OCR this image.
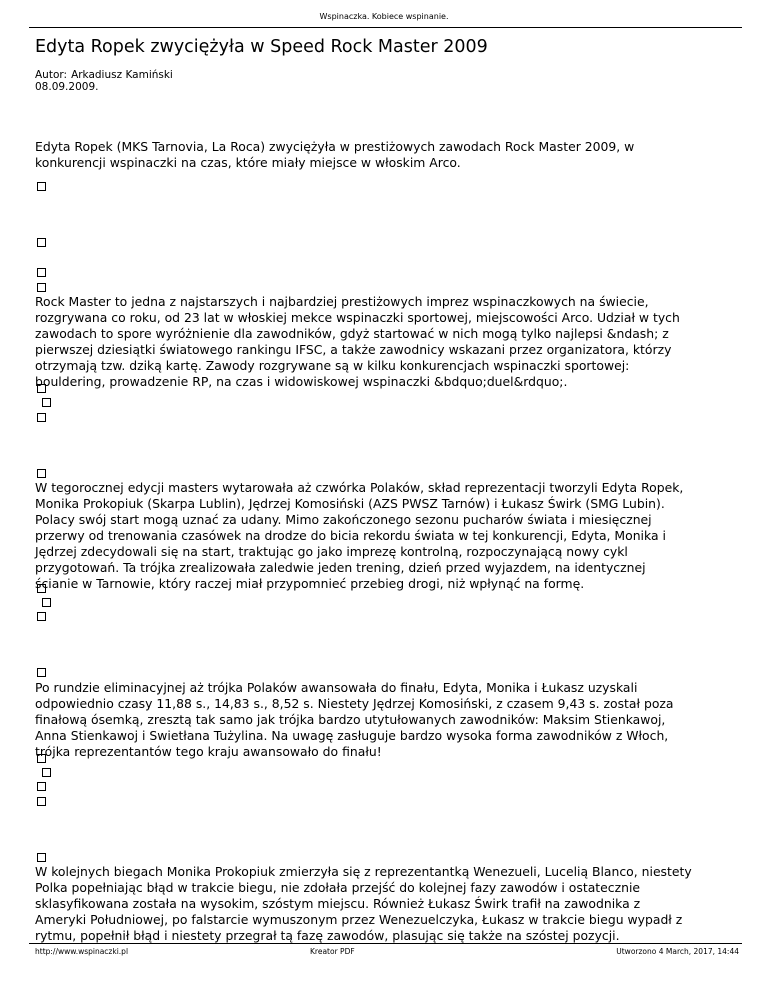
Wspinaczka. Kobiece wspinanie.
Edyta Ropek zwyciężyła w Speed Rock Master 2009
Autor: Arkadiusz Kamiński
08.09.2009.

Edyta Ropek (MKS Tarnovia, La Roca) zwyciężyła w prestiżowych zawodach Rock Master 2009, w
konkurencji wspinaczki na czas, które miały miejsce w włoskim Arco.

Rock Master to jedna z najstarszych i najbardziej prestiżowych imprez wspinaczkowych na świecie,
rozgrywana co roku, od 23 lat w włoskiej mekce wspinaczki sportowej, miejscowości Arco. Udział w tych
zawodach to spore wyróżnienie dla zawodników, gdyż startować w nich mogą tylko najlepsi &ndash; z
pierwszej dziesiątki światowego rankingu IFSC, a także zawodnicy wskazani przez organizatora, którzy
otrzymają tzw. dziką kartę. Zawody rozgrywane są w kilku konkurencjach wspinaczki sportowej:
bouldering, prowadzenie RP, na czas i widowiskowej wspinaczki &bdquo;duel&rdquo;.

W tegorocznej edycji masters wytarowała aż czwórka Polaków, skład reprezentacji tworzyli Edyta Ropek,
Monika Prokopiuk (Skarpa Lublin), Jędrzej Komosiński (AZS PWSZ Tarnów) i Łukasz Świrk (SMG Lubin).
Polacy swój start mogą uznać za udany. Mimo zakończonego sezonu pucharów świata i miesięcznej
przerwy od trenowania czasówek na drodze do bicia rekordu świata w tej konkurencji, Edyta, Monika i
Jędrzej zdecydowali się na start, traktując go jako imprezę kontrolną, rozpoczynającą nowy cykl
przygotowań. Ta trójka zrealizowała zaledwie jeden trening, dzień przed wyjazdem, na identycznej
ścianie w Tarnowie, który raczej miał przypomnieć przebieg drogi, niż wpłynąć na formę.

Po rundzie eliminacyjnej aż trójka Polaków awansowała do finału, Edyta, Monika i Łukasz uzyskali
odpowiednio czasy 11,88 s., 14,83 s., 8,52 s. Niestety Jędrzej Komosiński, z czasem 9,43 s. został poza
finałową ósemką, zresztą tak samo jak trójka bardzo utytułowanych zawodników: Maksim Stienkawoj,
Anna Stienkawoj i Swietłana Tużylina. Na uwagę zasługuje bardzo wysoka forma zawodników z Włoch,
trójka reprezentantów tego kraju awansowało do finału!

W kolejnych biegach Monika Prokopiuk zmierzyła się z reprezentantką Wenezueli, Lucelią Blanco, niestety
Polka popełniając błąd w trakcie biegu, nie zdołała przejść do kolejnej fazy zawodów i ostatecznie
sklasyfikowana została na wysokim, szóstym miejscu. Również Łukasz Świrk trafił na zawodnika z
Ameryki Południowej, po falstarcie wymuszonym przez Wenezuelczyka, Łukasz w trakcie biegu wypadł z
rytmu, popełnił błąd i niestety przegrał tą fazę zawodów, plasując się także na szóstej pozycji.

http://www.wspinaczki.pl	Kreator PDF	Utworzono 4 March, 2017, 14:44
